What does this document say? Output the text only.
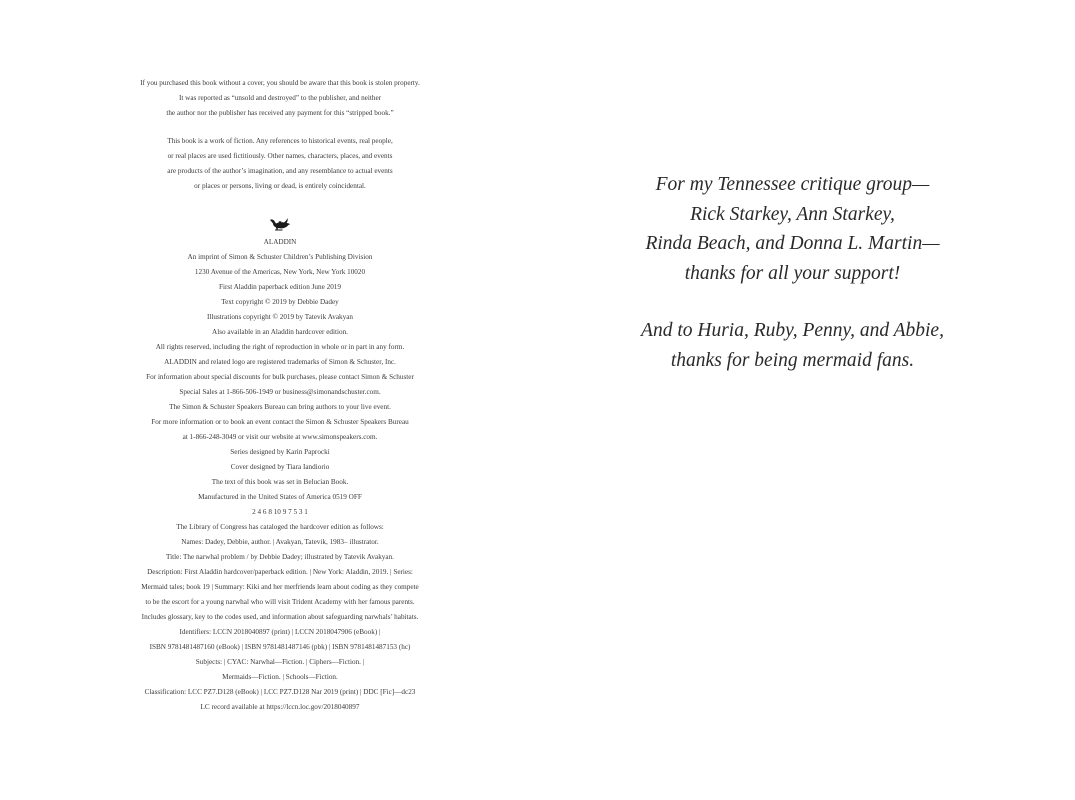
If you purchased this book without a cover, you should be aware that this book is stolen property.
It was reported as “unsold and destroyed” to the publisher, and neither
the author nor the publisher has received any payment for this “stripped book.”

This book is a work of fiction. Any references to historical events, real people,
or real places are used fictitiously. Other names, characters, places, and events
are products of the author’s imagination, and any resemblance to actual events
or places or persons, living or dead, is entirely coincidental.

ALADDIN
An imprint of Simon & Schuster Children’s Publishing Division
1230 Avenue of the Americas, New York, New York 10020
First Aladdin paperback edition June 2019
Text copyright © 2019 by Debbie Dadey
Illustrations copyright © 2019 by Tatevik Avakyan
Also available in an Aladdin hardcover edition.
All rights reserved, including the right of reproduction in whole or in part in any form.
ALADDIN and related logo are registered trademarks of Simon & Schuster, Inc.
For information about special discounts for bulk purchases, please contact Simon & Schuster
Special Sales at 1-866-506-1949 or business@simonandschuster.com.
The Simon & Schuster Speakers Bureau can bring authors to your live event.
For more information or to book an event contact the Simon & Schuster Speakers Bureau
at 1-866-248-3049 or visit our website at www.simonspeakers.com.
Series designed by Karin Paprocki
Cover designed by Tiara Iandiorio
The text of this book was set in Belucian Book.
Manufactured in the United States of America 0519 OFF
2 4 6 8 10 9 7 5 3 1
The Library of Congress has cataloged the hardcover edition as follows:
Names: Dadey, Debbie, author. | Avakyan, Tatevik, 1983– illustrator.
Title: The narwhal problem / by Debbie Dadey; illustrated by Tatevik Avakyan.
Description: First Aladdin hardcover/paperback edition. | New York: Aladdin, 2019. | Series:
Mermaid tales; book 19 | Summary: Kiki and her merfriends learn about coding as they compete
to be the escort for a young narwhal who will visit Trident Academy with her famous parents.
Includes glossary, key to the codes used, and information about safeguarding narwhals’ habitats.
Identifiers: LCCN 2018040897 (print) | LCCN 2018047906 (eBook) |
ISBN 9781481487160 (eBook) | ISBN 9781481487146 (pbk) | ISBN 9781481487153 (hc)
Subjects: | CYAC: Narwhal—Fiction. | Ciphers—Fiction. |
Mermaids—Fiction. | Schools—Fiction.
Classification: LCC PZ7.D128 (eBook) | LCC PZ7.D128 Nar 2019 (print) | DDC [Fic]—dc23
LC record available at https://lccn.loc.gov/2018040897
For my Tennessee critique group—
Rick Starkey, Ann Starkey,
Rinda Beach, and Donna L. Martin—
thanks for all your support!
And to Huria, Ruby, Penny, and Abbie,
thanks for being mermaid fans.
